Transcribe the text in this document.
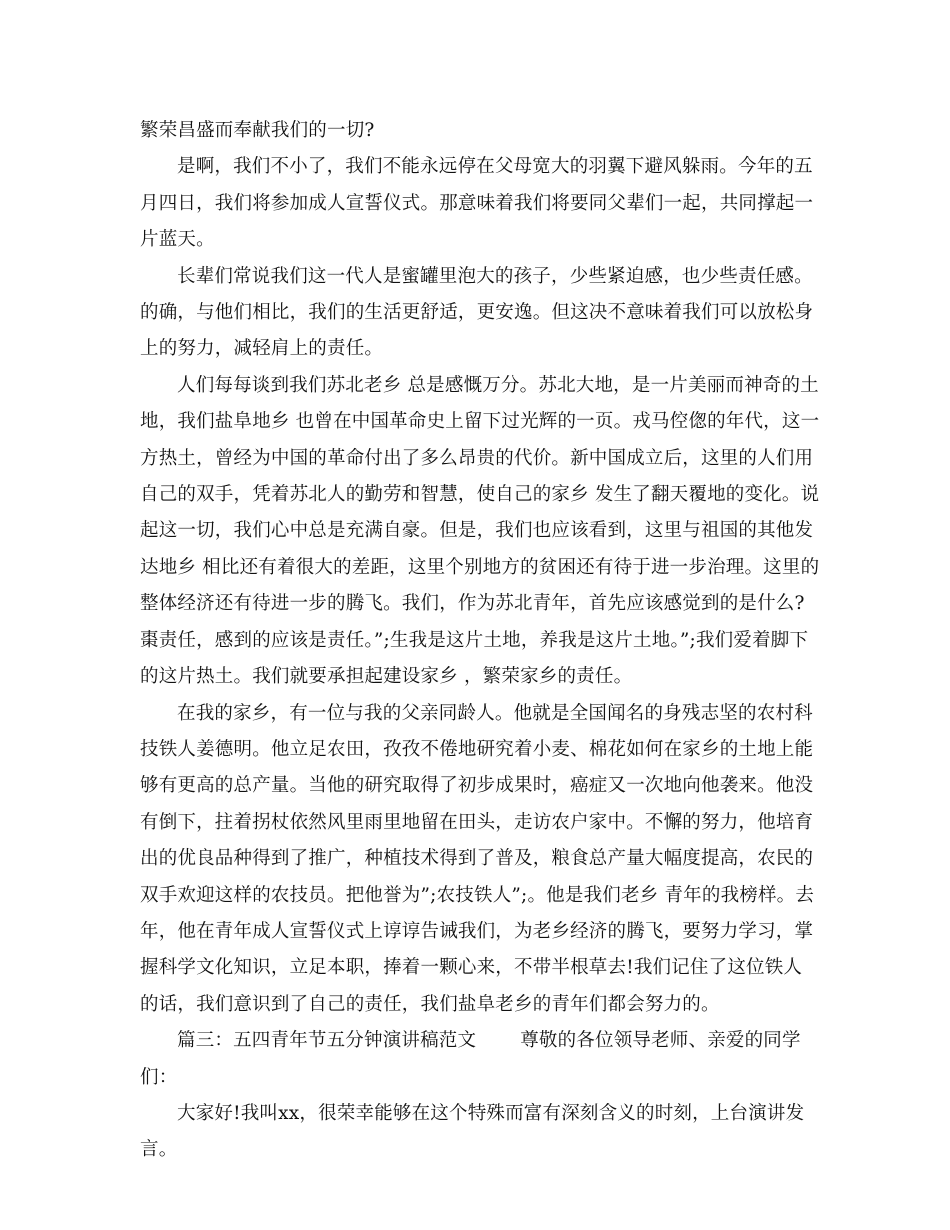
繁荣昌盛而奉献我们的一切?

是啊，我们不小了，我们不能永远停在父母宽大的羽翼下避风躲雨。今年的五月四日，我们将参加成人宣誓仪式。那意味着我们将要同父辈们一起，共同撑起一片蓝天。

长辈们常说我们这一代人是蜜罐里泡大的孩子，少些紧迫感，也少些责任感。的确，与他们相比，我们的生活更舒适，更安逸。但这决不意味着我们可以放松身上的努力，减轻肩上的责任。

人们每每谈到我们苏北老乡 总是感慨万分。苏北大地，是一片美丽而神奇的土地，我们盐阜地乡 也曾在中国革命史上留下过光辉的一页。戎马倥偬的年代，这一方热土，曾经为中国的革命付出了多么昂贵的代价。新中国成立后，这里的人们用自己的双手，凭着苏北人的勤劳和智慧，使自己的家乡 发生了翻天覆地的变化。说起这一切，我们心中总是充满自豪。但是，我们也应该看到，这里与祖国的其他发达地乡 相比还有着很大的差距，这里个别地方的贫困还有待于进一步治理。这里的整体经济还有待进一步的腾飞。我们，作为苏北青年，首先应该感觉到的是什么?棗责任，感到的应该是责任。”;生我是这片土地，养我是这片土地。”;我们爱着脚下的这片热土。我们就要承担起建设家乡 ，繁荣家乡的责任。

在我的家乡，有一位与我的父亲同龄人。他就是全国闻名的身残志坚的农村科技铁人姜德明。他立足农田，孜孜不倦地研究着小麦、棉花如何在家乡的土地上能够有更高的总产量。当他的研究取得了初步成果时，癌症又一次地向他袭来。他没有倒下，拄着拐杖依然风里雨里地留在田头，走访农户家中。不懈的努力，他培育出的优良品种得到了推广，种植技术得到了普及，粮食总产量大幅度提高，农民的双手欢迎这样的农技员。把他誉为”;农技铁人”;。他是我们老乡 青年的我榜样。去年，他在青年成人宣誓仪式上谆谆告诫我们，为老乡经济的腾飞，要努力学习，掌握科学文化知识，立足本职，捧着一颗心来，不带半根草去!我们记住了这位铁人的话，我们意识到了自己的责任，我们盐阜老乡的青年们都会努力的。

篇三：五四青年节五分钟演讲稿范文 尊敬的各位领导老师、亲爱的同学们：

大家好!我叫xx，很荣幸能够在这个特殊而富有深刻含义的时刻，上台演讲发言。
